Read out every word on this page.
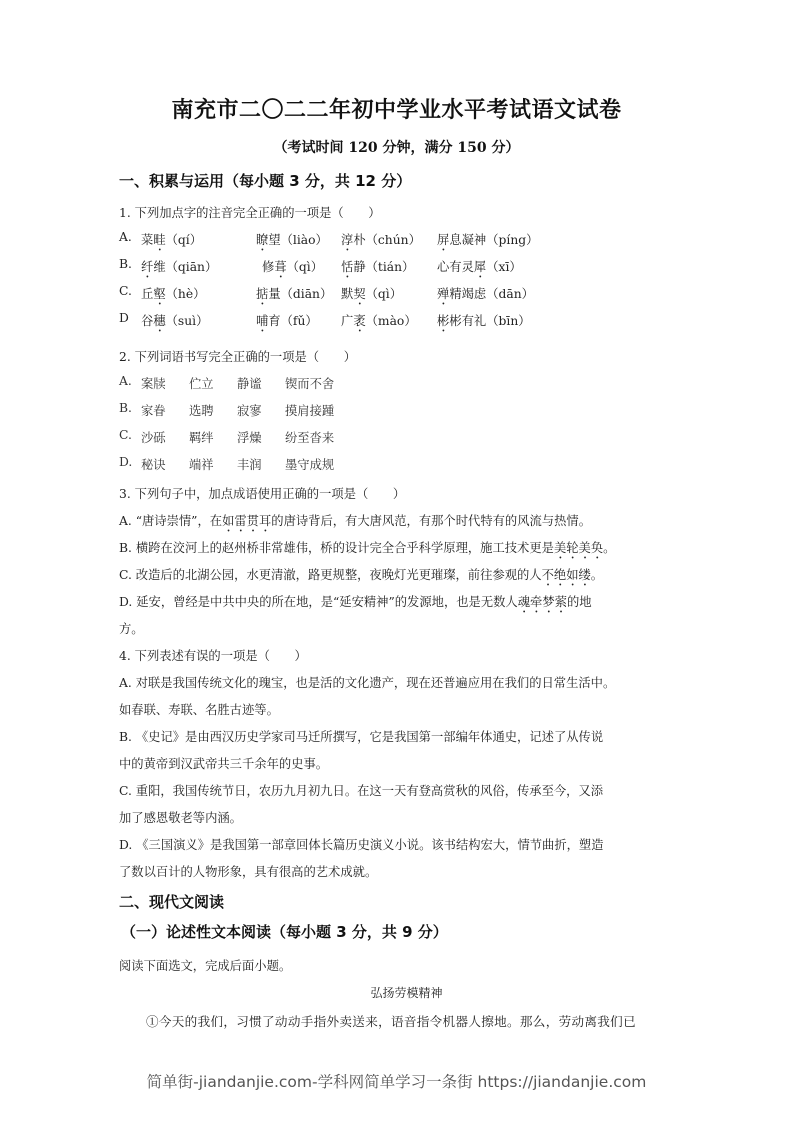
南充市二〇二二年初中学业水平考试语文试卷
（考试时间 120 分钟，满分 150 分）
一、积累与运用（每小题 3 分，共 12 分）
1. 下列加点字的注音完全正确的一项是（　　）
A. 菜畦（qí）	瞭望（liào） 淳朴（chún） 屏息凝神（píng）
B. 纤维（qiān）	修葺（qì） 恬静（tián） 心有灵犀（xī）
C. 丘壑（hè）	掂量（diān） 默契（qì）	殚精竭虑（dān）
D 谷穗（suì）	哺育（fǔ） 广袤（mào） 彬彬有礼（bīn）
2. 下列词语书写完全正确的一项是（　　）
A. 案牍 伫立 静谧 锲而不舍
B. 家眷 选聘 寂寥 摸肩接踵
C. 沙砾 羁绊 浮燥 纷至沓来
D. 秘诀 端祥 丰润 墨守成规
3. 下列句子中，加点成语使用正确的一项是（　　）
A. “唐诗崇情”，在如雷贯耳的唐诗背后，有大唐风范，有那个时代特有的风流与热情。
B. 横跨在洨河上的赵州桥非常雄伟，桥的设计完全合乎科学原理，施工技术更是美轮美奂。
C. 改造后的北湖公园，水更清澈，路更规整，夜晚灯光更璀璨，前往参观的人不绝如缕。
D. 延安，曾经是中共中央的所在地，是“延安精神”的发源地，也是无数人魂牵梦萦的地
方。
4. 下列表述有误的一项是（　　）
A. 对联是我国传统文化的瑰宝，也是活的文化遗产，现在还普遍应用在我们的日常生活中。
如春联、寿联、名胜古迹等。
B. 《史记》是由西汉历史学家司马迁所撰写，它是我国第一部编年体通史，记述了从传说
中的黄帝到汉武帝共三千余年的史事。
C. 重阳，我国传统节日，农历九月初九日。在这一天有登高赏秋的风俗，传承至今，又添
加了感恩敬老等内涵。
D. 《三国演义》是我国第一部章回体长篇历史演义小说。该书结构宏大，情节曲折，塑造
了数以百计的人物形象，具有很高的艺术成就。
二、现代文阅读
（一）论述性文本阅读（每小题 3 分，共 9 分）
阅读下面选文，完成后面小题。
弘扬劳模精神
①今天的我们，习惯了动动手指外卖送来，语音指令机器人擦地。那么，劳动离我们已
简单街-jiandanjie.com-学科网简单学习一条街 https://jiandanjie.com
